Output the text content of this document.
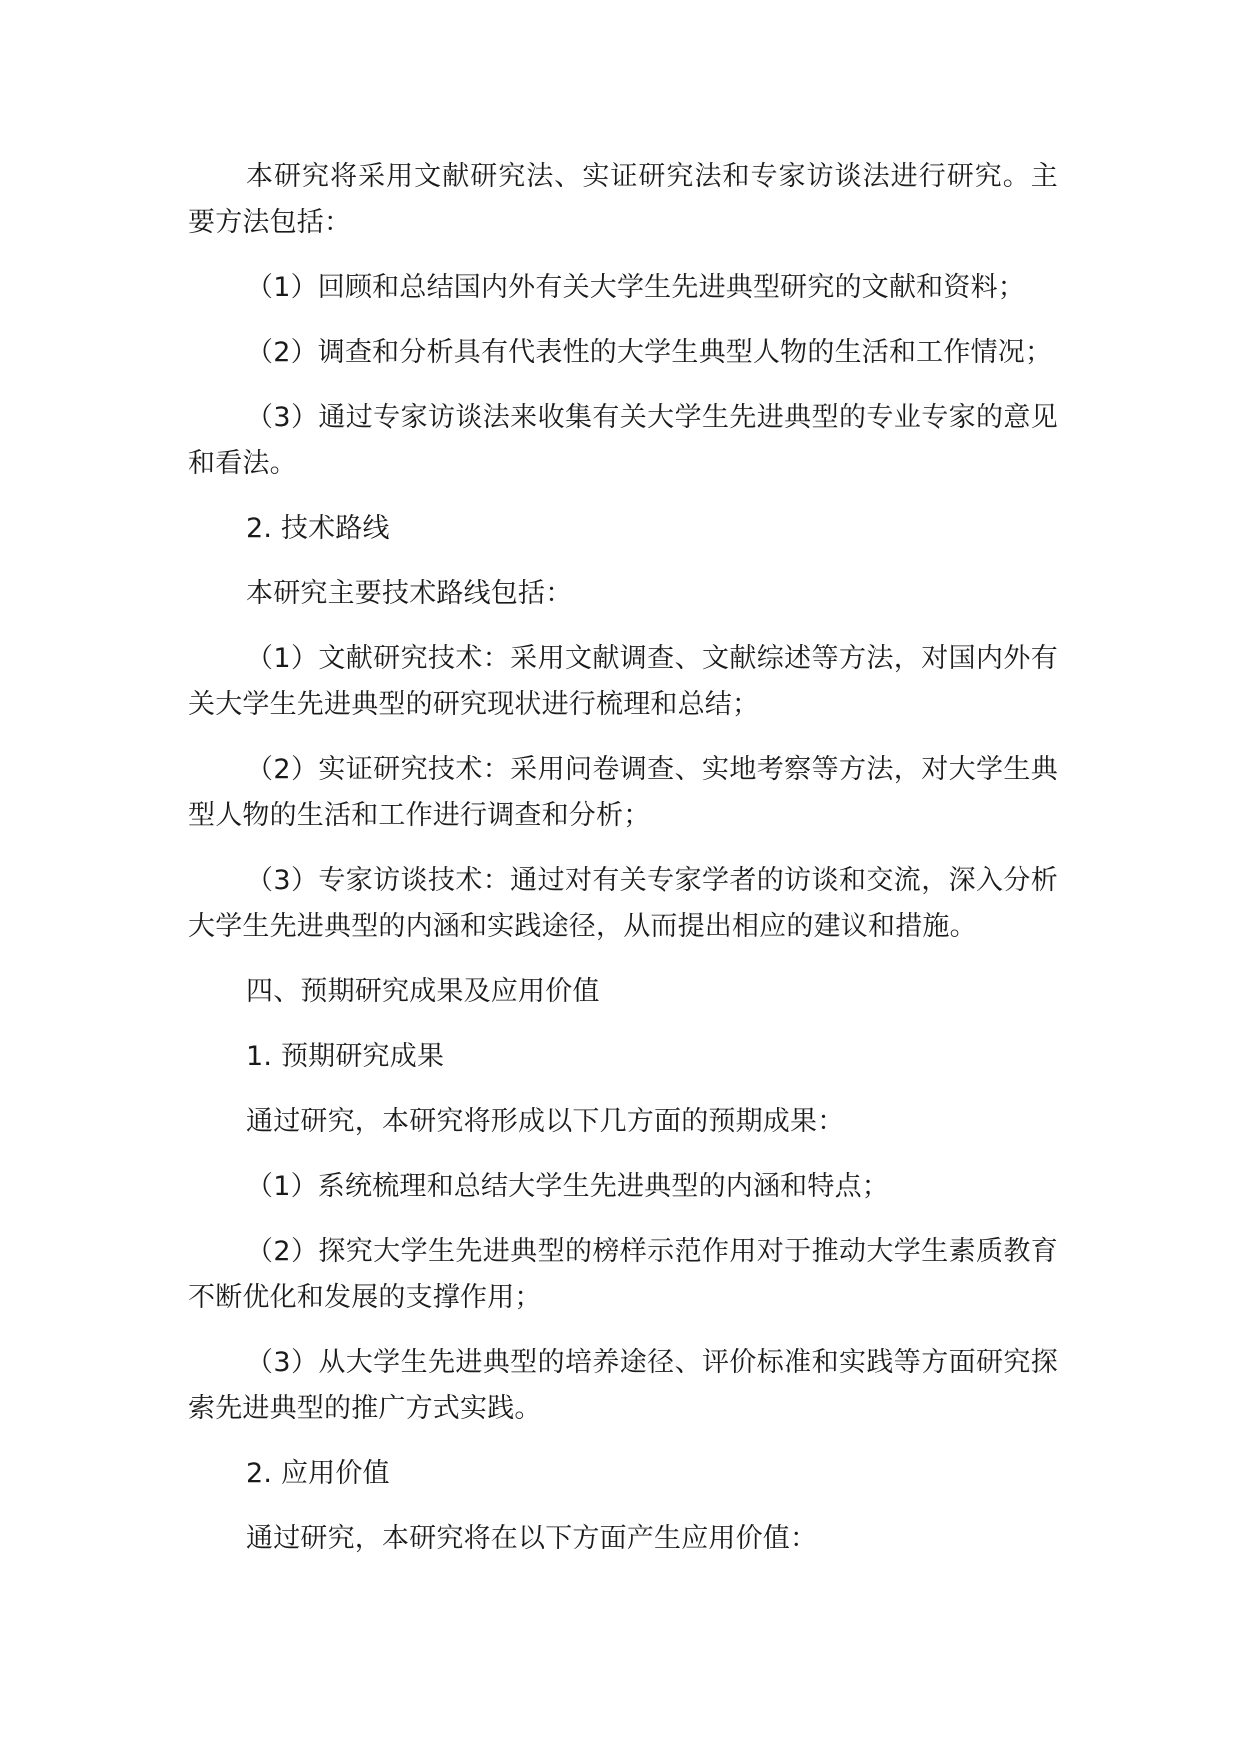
本研究将采用文献研究法、实证研究法和专家访谈法进行研究。主要方法包括：

（1）回顾和总结国内外有关大学生先进典型研究的文献和资料；

（2）调查和分析具有代表性的大学生典型人物的生活和工作情况；

（3）通过专家访谈法来收集有关大学生先进典型的专业专家的意见和看法。

2. 技术路线

本研究主要技术路线包括：

（1）文献研究技术：采用文献调查、文献综述等方法，对国内外有关大学生先进典型的研究现状进行梳理和总结；

（2）实证研究技术：采用问卷调查、实地考察等方法，对大学生典型人物的生活和工作进行调查和分析；

（3）专家访谈技术：通过对有关专家学者的访谈和交流，深入分析大学生先进典型的内涵和实践途径，从而提出相应的建议和措施。

四、预期研究成果及应用价值

1. 预期研究成果

通过研究，本研究将形成以下几方面的预期成果：

（1）系统梳理和总结大学生先进典型的内涵和特点；

（2）探究大学生先进典型的榜样示范作用对于推动大学生素质教育不断优化和发展的支撑作用；

（3）从大学生先进典型的培养途径、评价标准和实践等方面研究探索先进典型的推广方式实践。

2. 应用价值

通过研究，本研究将在以下方面产生应用价值：
